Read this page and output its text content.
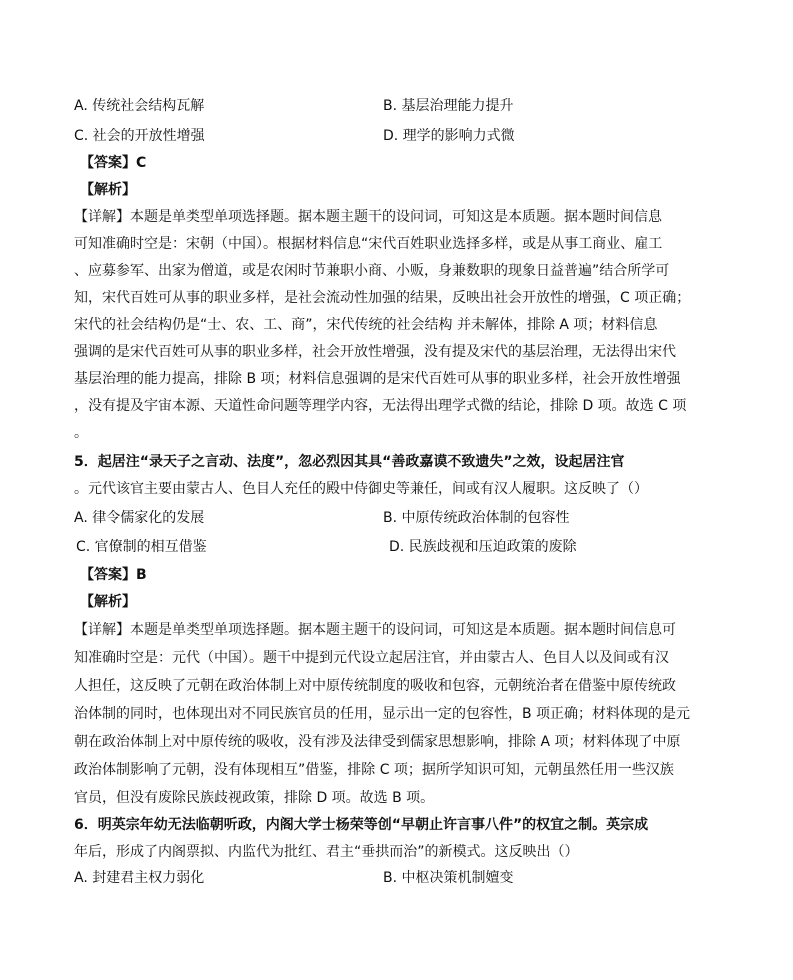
A. 传统社会结构瓦解	B. 基层治理能力提升
C. 社会的开放性增强	D. 理学的影响力式微
【答案】C
【解析】
【详解】本题是单类型单项选择题。据本题主题干的设问词，可知这是本质题。据本题时间信息
可知准确时空是：宋朝（中国）。根据材料信息“宋代百姓职业选择多样，或是从事工商业、雇工
、应募参军、出家为僧道，或是农闲时节兼职小商、小贩，身兼数职的现象日益普遍”结合所学可
知，宋代百姓可从事的职业多样，是社会流动性加强的结果，反映出社会开放性的增强，C 项正确；
宋代的社会结构仍是“士、农、工、商”，宋代传统的社会结构 并未解体，排除 A 项；材料信息
强调的是宋代百姓可从事的职业多样，社会开放性增强，没有提及宋代的基层治理，无法得出宋代
基层治理的能力提高，排除 B 项；材料信息强调的是宋代百姓可从事的职业多样，社会开放性增强
，没有提及宇宙本源、天道性命问题等理学内容，无法得出理学式微的结论，排除 D 项。故选 C 项
。
5．起居注“录天子之言动、法度”，忽必烈因其具“善政嘉谟不致遗失”之效，设起居注官
。元代该官主要由蒙古人、色目人充任的殿中侍御史等兼任，间或有汉人履职。这反映了（）
A. 律令儒家化的发展	B. 中原传统政治体制的包容性
C. 官僚制的相互借鉴	D. 民族歧视和压迫政策的废除
【答案】B
【解析】
【详解】本题是单类型单项选择题。据本题主题干的设问词，可知这是本质题。据本题时间信息可
知准确时空是：元代（中国）。题干中提到元代设立起居注官，并由蒙古人、色目人以及间或有汉
人担任，这反映了元朝在政治体制上对中原传统制度的吸收和包容，元朝统治者在借鉴中原传统政
治体制的同时，也体现出对不同民族官员的任用，显示出一定的包容性，B 项正确；材料体现的是元
朝在政治体制上对中原传统的吸收，没有涉及法律受到儒家思想影响，排除 A 项；材料体现了中原
政治体制影响了元朝，没有体现相互”借鉴，排除 C 项；据所学知识可知，元朝虽然任用一些汉族
官员，但没有废除民族歧视政策，排除 D 项。故选 B 项。
6．明英宗年幼无法临朝听政，内阁大学士杨荣等创“早朝止许言事八件”的权宜之制。英宗成
年后，形成了内阁票拟、内监代为批红、君主“垂拱而治”的新模式。这反映出（）
A. 封建君主权力弱化	B. 中枢决策机制嬗变
